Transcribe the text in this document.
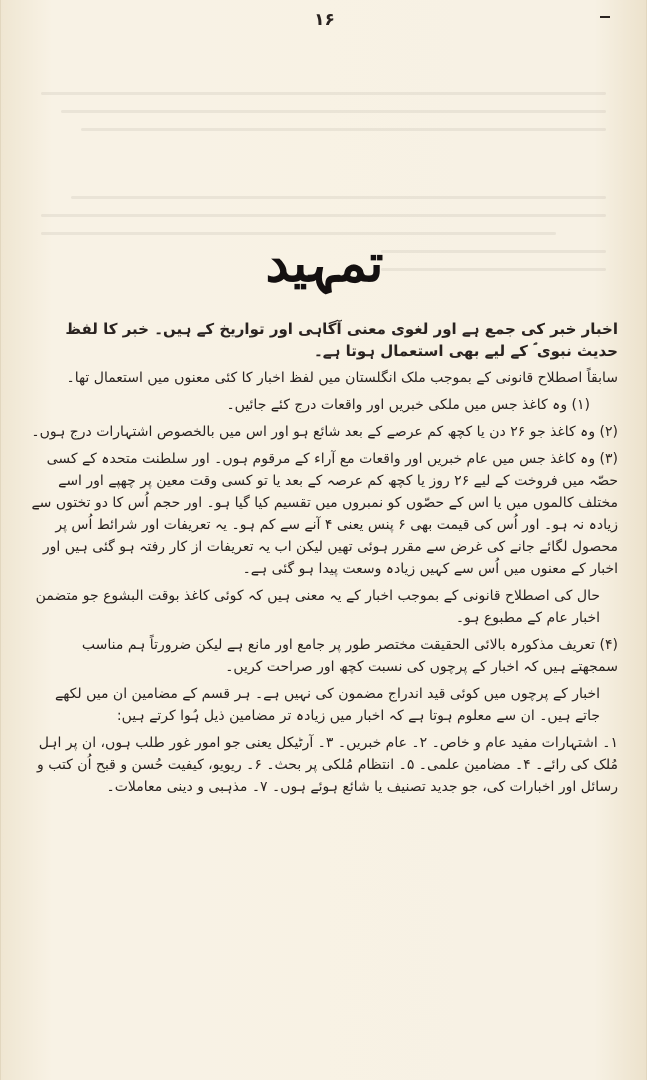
۱۶
تمہید

اخبار خبر کی جمع ہے اور لغوی معنی آگاہی اور تواریخ کے ہیں۔ خبر کا لفظ حدیث نبوی ؐ کے لیے بھی استعمال ہوتا ہے۔

سابقاً اصطلاح قانونی کے بموجب ملک انگلستان میں لفظ اخبار کا کئی معنوں میں استعمال تھا۔

(۱) وہ کاغذ جس میں ملکی خبریں اور واقعات درج کئے جائیں۔

(۲) وہ کاغذ جو ۲۶ دن یا کچھ کم عرصے کے بعد شائع ہو اور اس میں بالخصوص اشتہارات درج ہوں۔

(۳) وہ کاغذ جس میں عام خبریں اور واقعات مع آراء کے مرقوم ہوں۔ اور سلطنت متحدہ کے کسی حصّہ میں فروخت کے لیے ۲۶ روز یا کچھ کم عرصہ کے بعد یا تو کسی وقت معین پر چھپے اور اسے مختلف کالموں میں یا اس کے حصّوں کو نمبروں میں تقسیم کیا گیا ہو۔ اور حجم اُس کا دو تختوں سے زیادہ نہ ہو۔ اور اُس کی قیمت بھی ۶ پنس یعنی ۴ آنے سے کم ہو۔ یہ تعریفات اور شرائط اُس پر محصول لگائے جانے کی غرض سے مقرر ہوئی تھیں لیکن اب یہ تعریفات از کار رفتہ ہو گئی ہیں اور اخبار کے معنوں میں اُس سے کہیں زیادہ وسعت پیدا ہو گئی ہے۔

حال کی اصطلاح قانونی کے بموجب اخبار کے یہ معنی ہیں کہ کوئی کاغذ بوقت البشوع جو متضمن اخبار عام کے مطبوع ہو۔

(۴) تعریف مذکورہ بالائی الحقیقت مختصر طور پر جامع اور مانع ہے لیکن ضرورتاً ہم مناسب سمجھتے ہیں کہ اخبار کے پرچوں کی نسبت کچھ اور صراحت کریں۔

اخبار کے پرچوں میں کوئی قید اندراج مضمون کی نہیں ہے۔ ہر قسم کے مضامین ان میں لکھے جاتے ہیں۔ ان سے معلوم ہوتا ہے کہ اخبار میں زیادہ تر مضامین ذیل ہُوا کرتے ہیں:

۱۔ اشتہارات مفید عام و خاص۔ ۲۔ عام خبریں۔ ۳۔ آرٹیکل یعنی جو امور غور طلب ہوں، ان پر اہل مُلک کی رائے۔ ۴۔ مضامین علمی۔ ۵۔ انتظام مُلکی پر بحث۔ ۶۔ ریویو، کیفیت حُسن و قبح اُن کتب و رسائل اور اخبارات کی، جو جدید تصنیف یا شائع ہوئے ہوں۔ ۷۔ مذہبی و دینی معاملات۔
